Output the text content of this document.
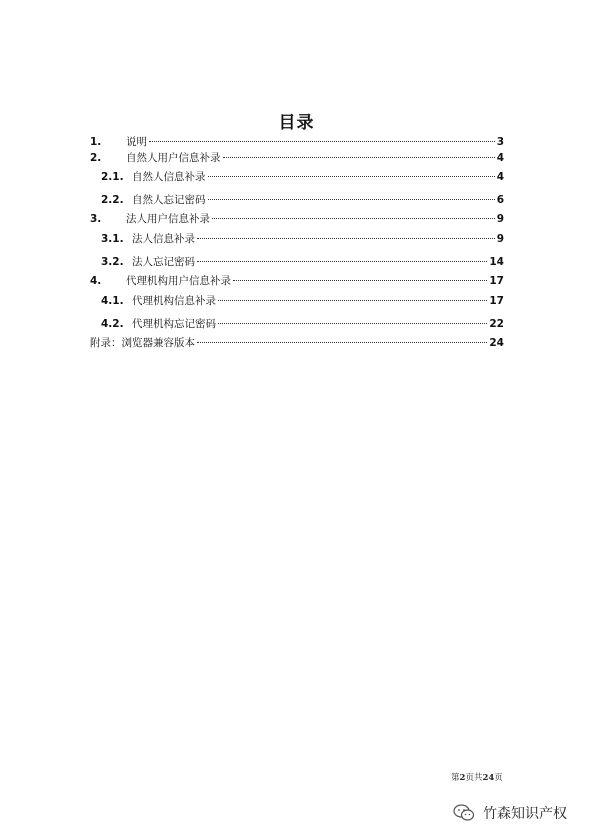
目录
1.	说明	3
2.	自然人用户信息补录	4
2.1. 自然人信息补录	4
2.2. 自然人忘记密码	6
3.	法人用户信息补录	9
3.1. 法人信息补录	9
3.2. 法人忘记密码	14
4.	代理机构用户信息补录	17
4.1. 代理机构信息补录	17
4.2. 代理机构忘记密码	22
附录：浏览器兼容版本	24
第2页共24页
竹森知识产权
